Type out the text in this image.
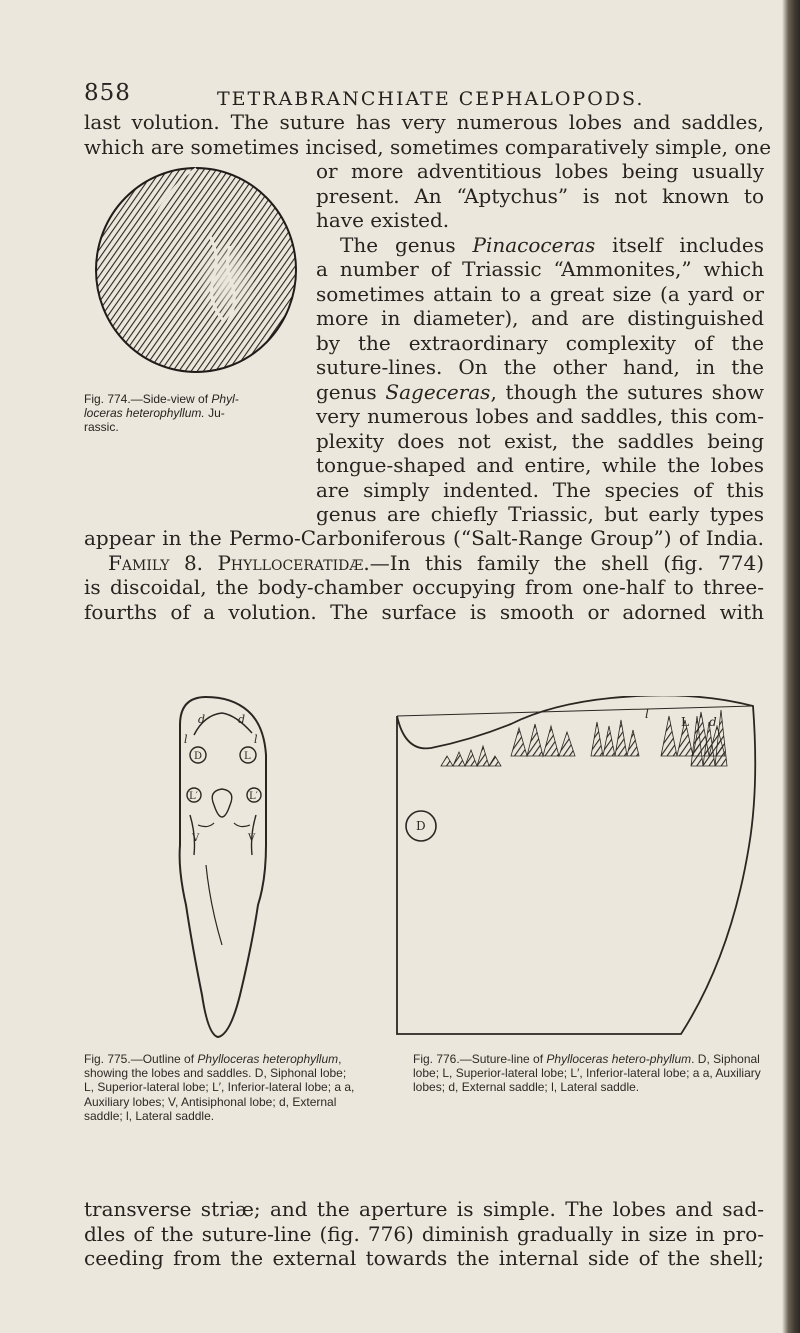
858	TETRABRANCHIATE CEPHALOPODS.
last volution. The suture has very numerous lobes and saddles,
which are sometimes incised, sometimes comparatively simple, one
or more adventitious lobes being usually
present. An “Aptychus” is not known to
have existed.
The genus Pinacoceras itself includes
a number of Triassic “Ammonites,” which
sometimes attain to a great size (a yard or
more in diameter), and are distinguished
by the extraordinary complexity of the
suture-lines. On the other hand, in the
genus Sageceras, though the sutures show
very numerous lobes and saddles, this com-
plexity does not exist, the saddles being
tongue-shaped and entire, while the lobes
are simply indented. The species of this
genus are chiefly Triassic, but early types
Fig. 774.—Side-view of Phyl-
loceras heterophyllum. Ju-
rassic.
appear in the Permo-Carboniferous (“Salt-Range Group”) of India.
Family 8. Phylloceratidæ.—In this family the shell (fig. 774)
is discoidal, the body-chamber occupying from one-half to three-
fourths of a volution. The surface is smooth or adorned with
d	d
l	l
D	L
L′	L′
V	V
l
d
L
D
Fig. 775.—Outline of Phylloceras heterophyllum, showing the lobes and saddles. D, Siphonal lobe; L, Superior-lateral lobe; L′, Inferior-lateral lobe; a a, Auxiliary lobes; V, Antisiphonal lobe; d, External saddle; l, Lateral saddle.
Fig. 776.—Suture-line of Phylloceras hetero-phyllum. D, Siphonal lobe; L, Superior-lateral lobe; L′, Inferior-lateral lobe; a a, Auxiliary lobes; d, External saddle; l, Lateral saddle.
transverse striæ; and the aperture is simple. The lobes and sad-
dles of the suture-line (fig. 776) diminish gradually in size in pro-
ceeding from the external towards the internal side of the shell;
